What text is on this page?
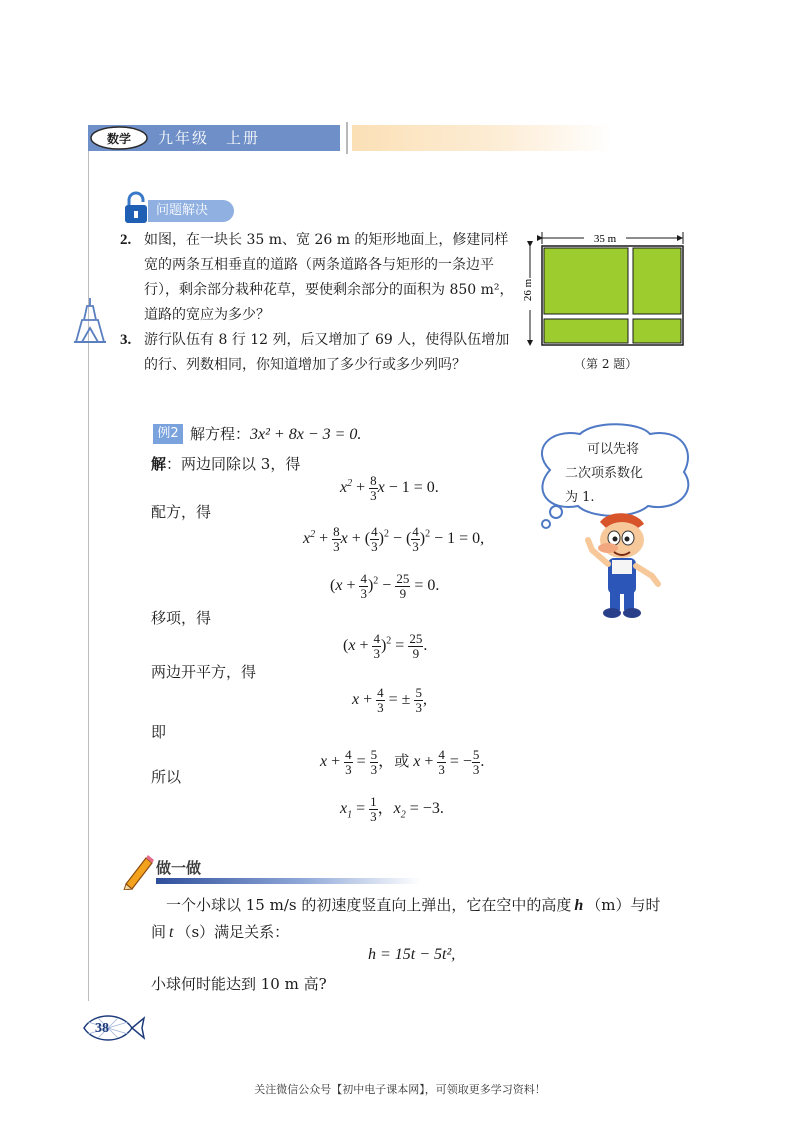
数学 九年级　上册
问题解决
2. 如图，在一块长 35 m、宽 26 m 的矩形地面上，修建同样
宽的两条互相垂直的道路（两条道路各与矩形的一条边平
行），剩余部分栽种花草，要使剩余部分的面积为 850 m²，
道路的宽应为多少？
3. 游行队伍有 8 行 12 列，后又增加了 69 人，使得队伍增加
的行、列数相同，你知道增加了多少行或多少列吗？
35 m
26 m
（第 2 题）
例2 解方程：3x² + 8x − 3 = 0.
解：两边同除以 3，得
$x^2 + \frac{8}{3}$ x − 1 = 0.
配方，得
$x^2 + \frac{8}{3}$ x + ( $\frac{4}{3} )^2$ − ( $\frac{4}{3} )^2 - 1 = 0$,
$(x + \frac{4}{3} )^2 - \frac{25}{9} = 0$.
移项，得
$(x + \frac{4}{3} )^2 = \frac{25}{9}$ .
两边开平方，得
$x + \frac{4}{3}$ = ± $\frac{5}{3}$ ,
即
$x + \frac{4}{3} = \frac{5}{3}$ ，或 $x + \frac{4}{3}$ = − $\frac{5}{3}$ .
所以
$x_1 = \frac{1}{3}$ ，$x_2 = -3$.
可以先将
二次项系数化
为 1.
做一做
一个小球以 15 m/s 的初速度竖直向上弹出，它在空中的高度 h （m）与时
间 t （s）满足关系：
h = 15t − 5t²,
小球何时能达到 10 m 高?
38
关注微信公众号【初中电子课本网】，可领取更多学习资料！
